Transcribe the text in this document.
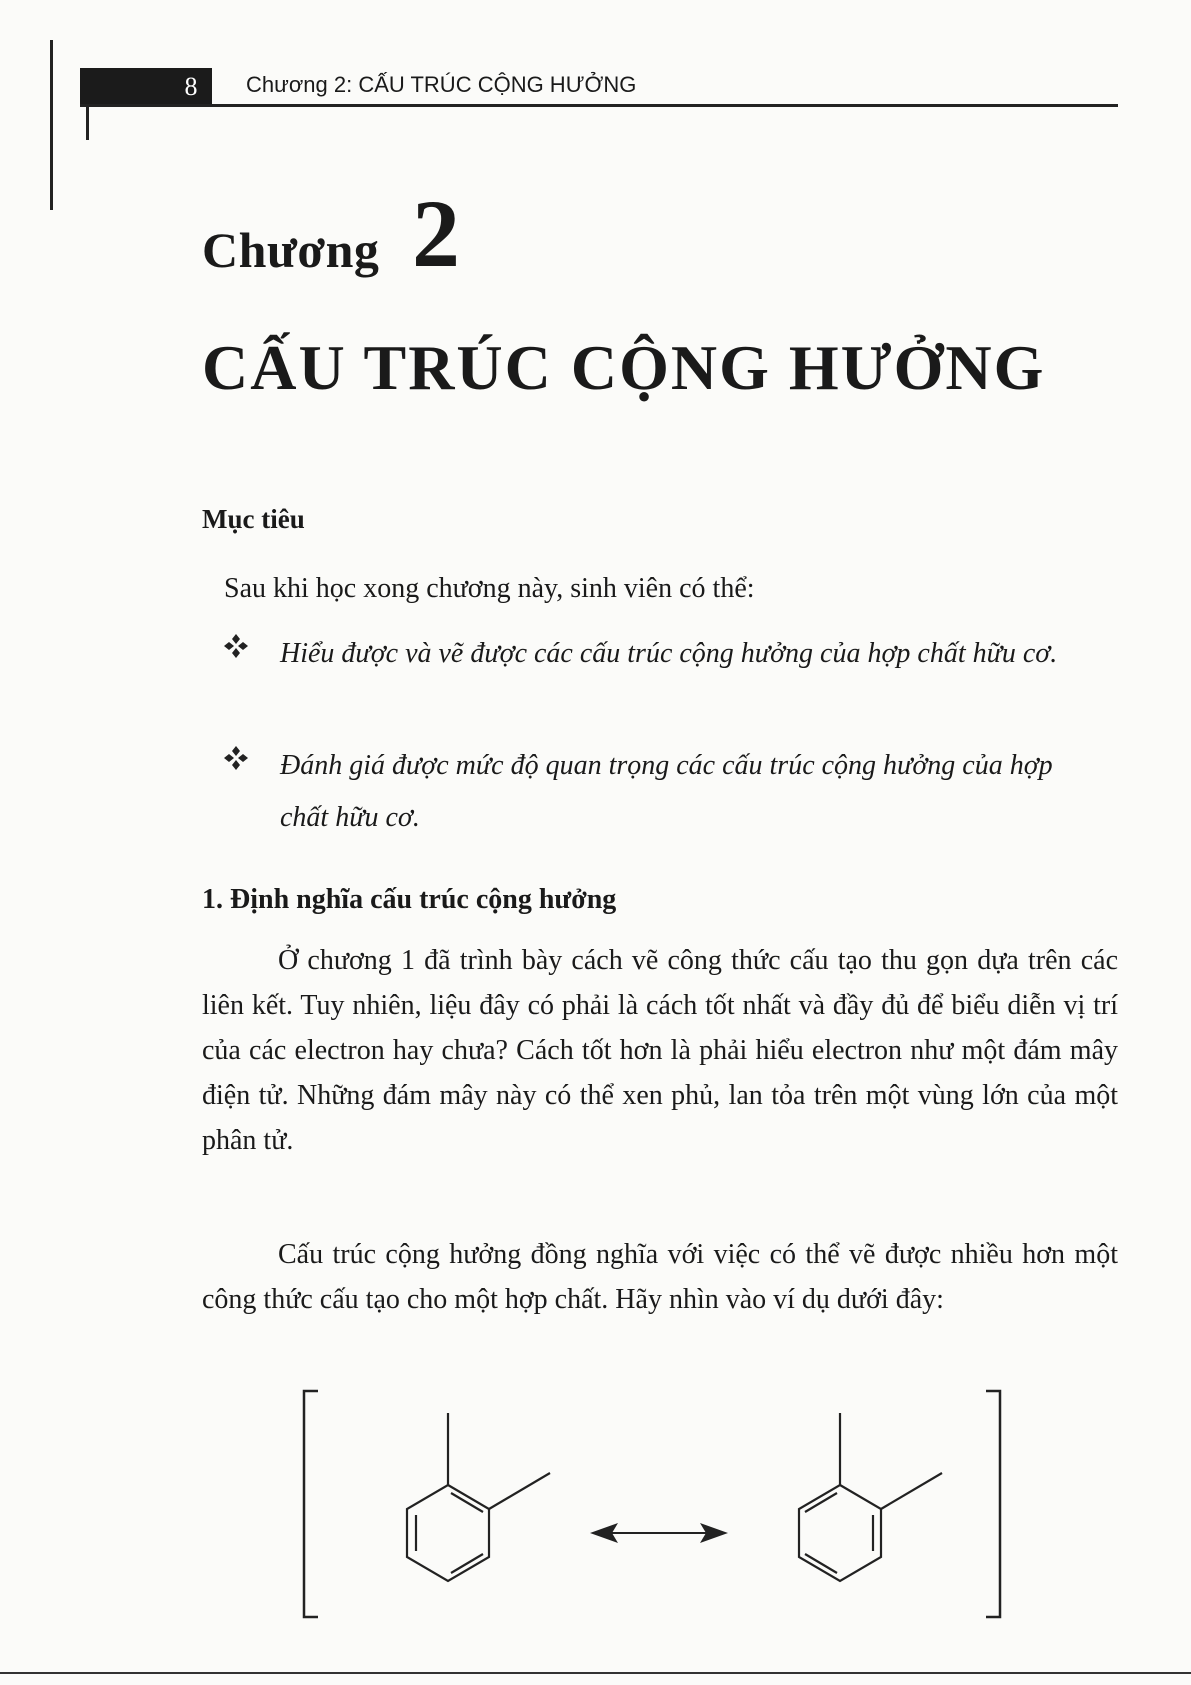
8	Chương 2: CẤU TRÚC CỘNG HƯỞNG
Chương 2
CẤU TRÚC CỘNG HƯỞNG
Mục tiêu
Sau khi học xong chương này, sinh viên có thể:
Hiểu được và vẽ được các cấu trúc cộng hưởng của hợp chất hữu cơ.
Đánh giá được mức độ quan trọng các cấu trúc cộng hưởng của hợp chất hữu cơ.
1. Định nghĩa cấu trúc cộng hưởng
Ở chương 1 đã trình bày cách vẽ công thức cấu tạo thu gọn dựa trên các liên kết. Tuy nhiên, liệu đây có phải là cách tốt nhất và đầy đủ để biểu diễn vị trí của các electron hay chưa? Cách tốt hơn là phải hiểu electron như một đám mây điện tử. Những đám mây này có thể xen phủ, lan tỏa trên một vùng lớn của một phân tử.
Cấu trúc cộng hưởng đồng nghĩa với việc có thể vẽ được nhiều hơn một công thức cấu tạo cho một hợp chất. Hãy nhìn vào ví dụ dưới đây:
